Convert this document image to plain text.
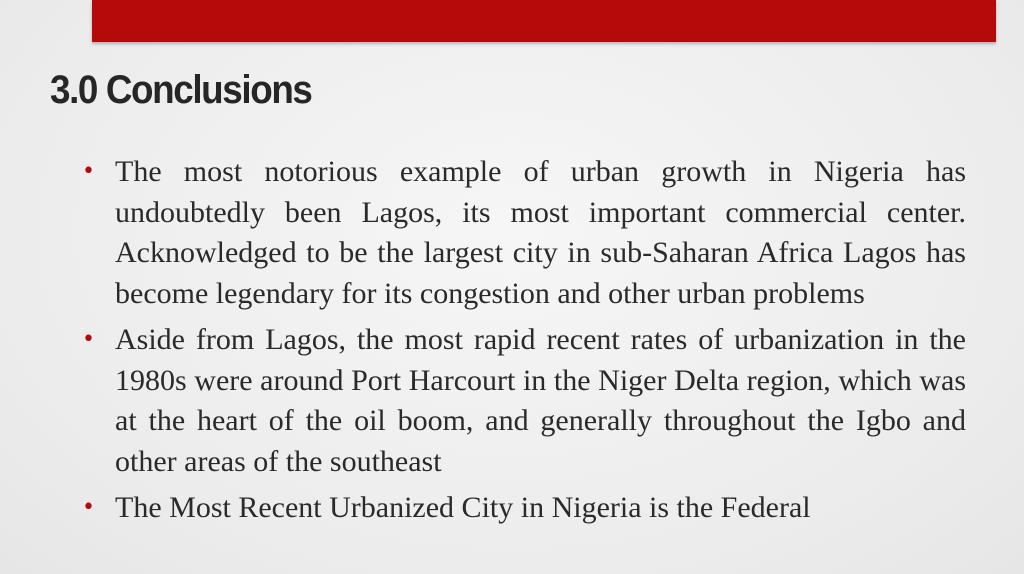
3.0 Conclusions
• The most notorious example of urban growth in Nigeria has undoubtedly been Lagos, its most important commercial center. Acknowledged to be the largest city in sub-Saharan Africa Lagos has become legendary for its congestion and other urban problems
• Aside from Lagos, the most rapid recent rates of urbanization in the 1980s were around Port Harcourt in the Niger Delta region, which was at the heart of the oil boom, and generally throughout the Igbo and other areas of the southeast
• The Most Recent Urbanized City in Nigeria is the Federal
